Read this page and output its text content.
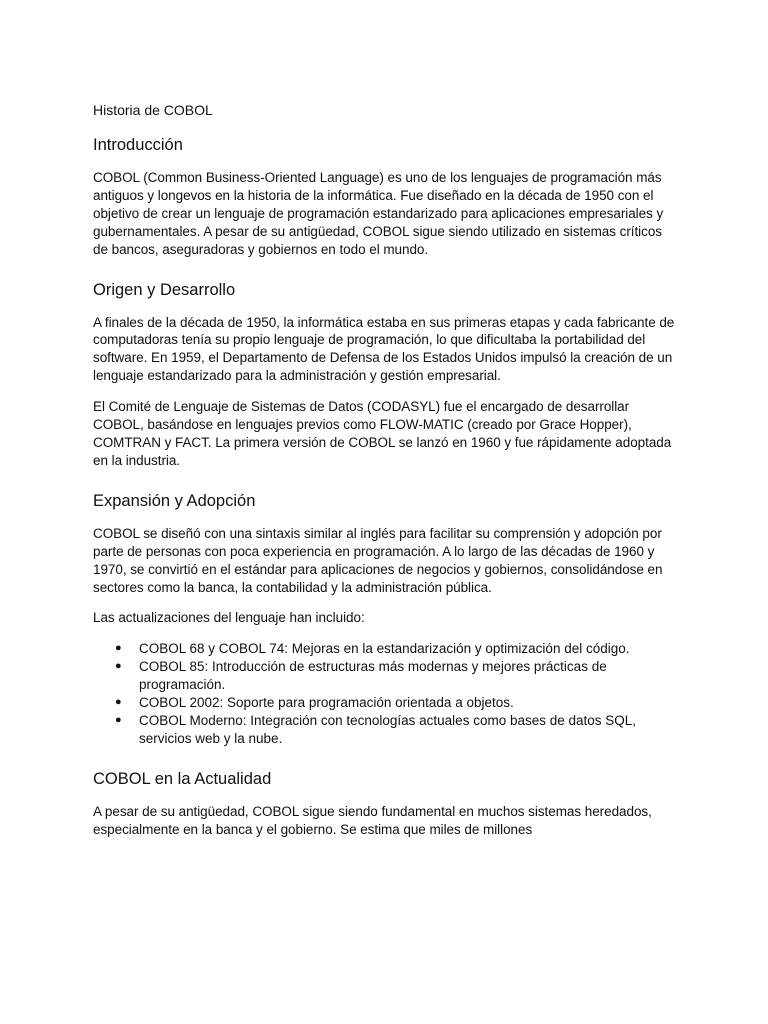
Historia de COBOL
Introducción

COBOL (Common Business-Oriented Language) es uno de los lenguajes de programación más antiguos y longevos en la historia de la informática. Fue diseñado en la década de 1950 con el objetivo de crear un lenguaje de programación estandarizado para aplicaciones empresariales y gubernamentales. A pesar de su antigüedad, COBOL sigue siendo utilizado en sistemas críticos de bancos, aseguradoras y gobiernos en todo el mundo.

Origen y Desarrollo

A finales de la década de 1950, la informática estaba en sus primeras etapas y cada fabricante de computadoras tenía su propio lenguaje de programación, lo que dificultaba la portabilidad del software. En 1959, el Departamento de Defensa de los Estados Unidos impulsó la creación de un lenguaje estandarizado para la administración y gestión empresarial.

El Comité de Lenguaje de Sistemas de Datos (CODASYL) fue el encargado de desarrollar COBOL, basándose en lenguajes previos como FLOW-MATIC (creado por Grace Hopper), COMTRAN y FACT. La primera versión de COBOL se lanzó en 1960 y fue rápidamente adoptada en la industria.

Expansión y Adopción

COBOL se diseñó con una sintaxis similar al inglés para facilitar su comprensión y adopción por parte de personas con poca experiencia en programación. A lo largo de las décadas de 1960 y 1970, se convirtió en el estándar para aplicaciones de negocios y gobiernos, consolidándose en sectores como la banca, la contabilidad y la administración pública.

Las actualizaciones del lenguaje han incluido:

● COBOL 68 y COBOL 74: Mejoras en la estandarización y optimización del código.
● COBOL 85: Introducción de estructuras más modernas y mejores prácticas de programación.
● COBOL 2002: Soporte para programación orientada a objetos.
● COBOL Moderno: Integración con tecnologías actuales como bases de datos SQL, servicios web y la nube.
COBOL en la Actualidad

A pesar de su antigüedad, COBOL sigue siendo fundamental en muchos sistemas heredados, especialmente en la banca y el gobierno. Se estima que miles de millones
